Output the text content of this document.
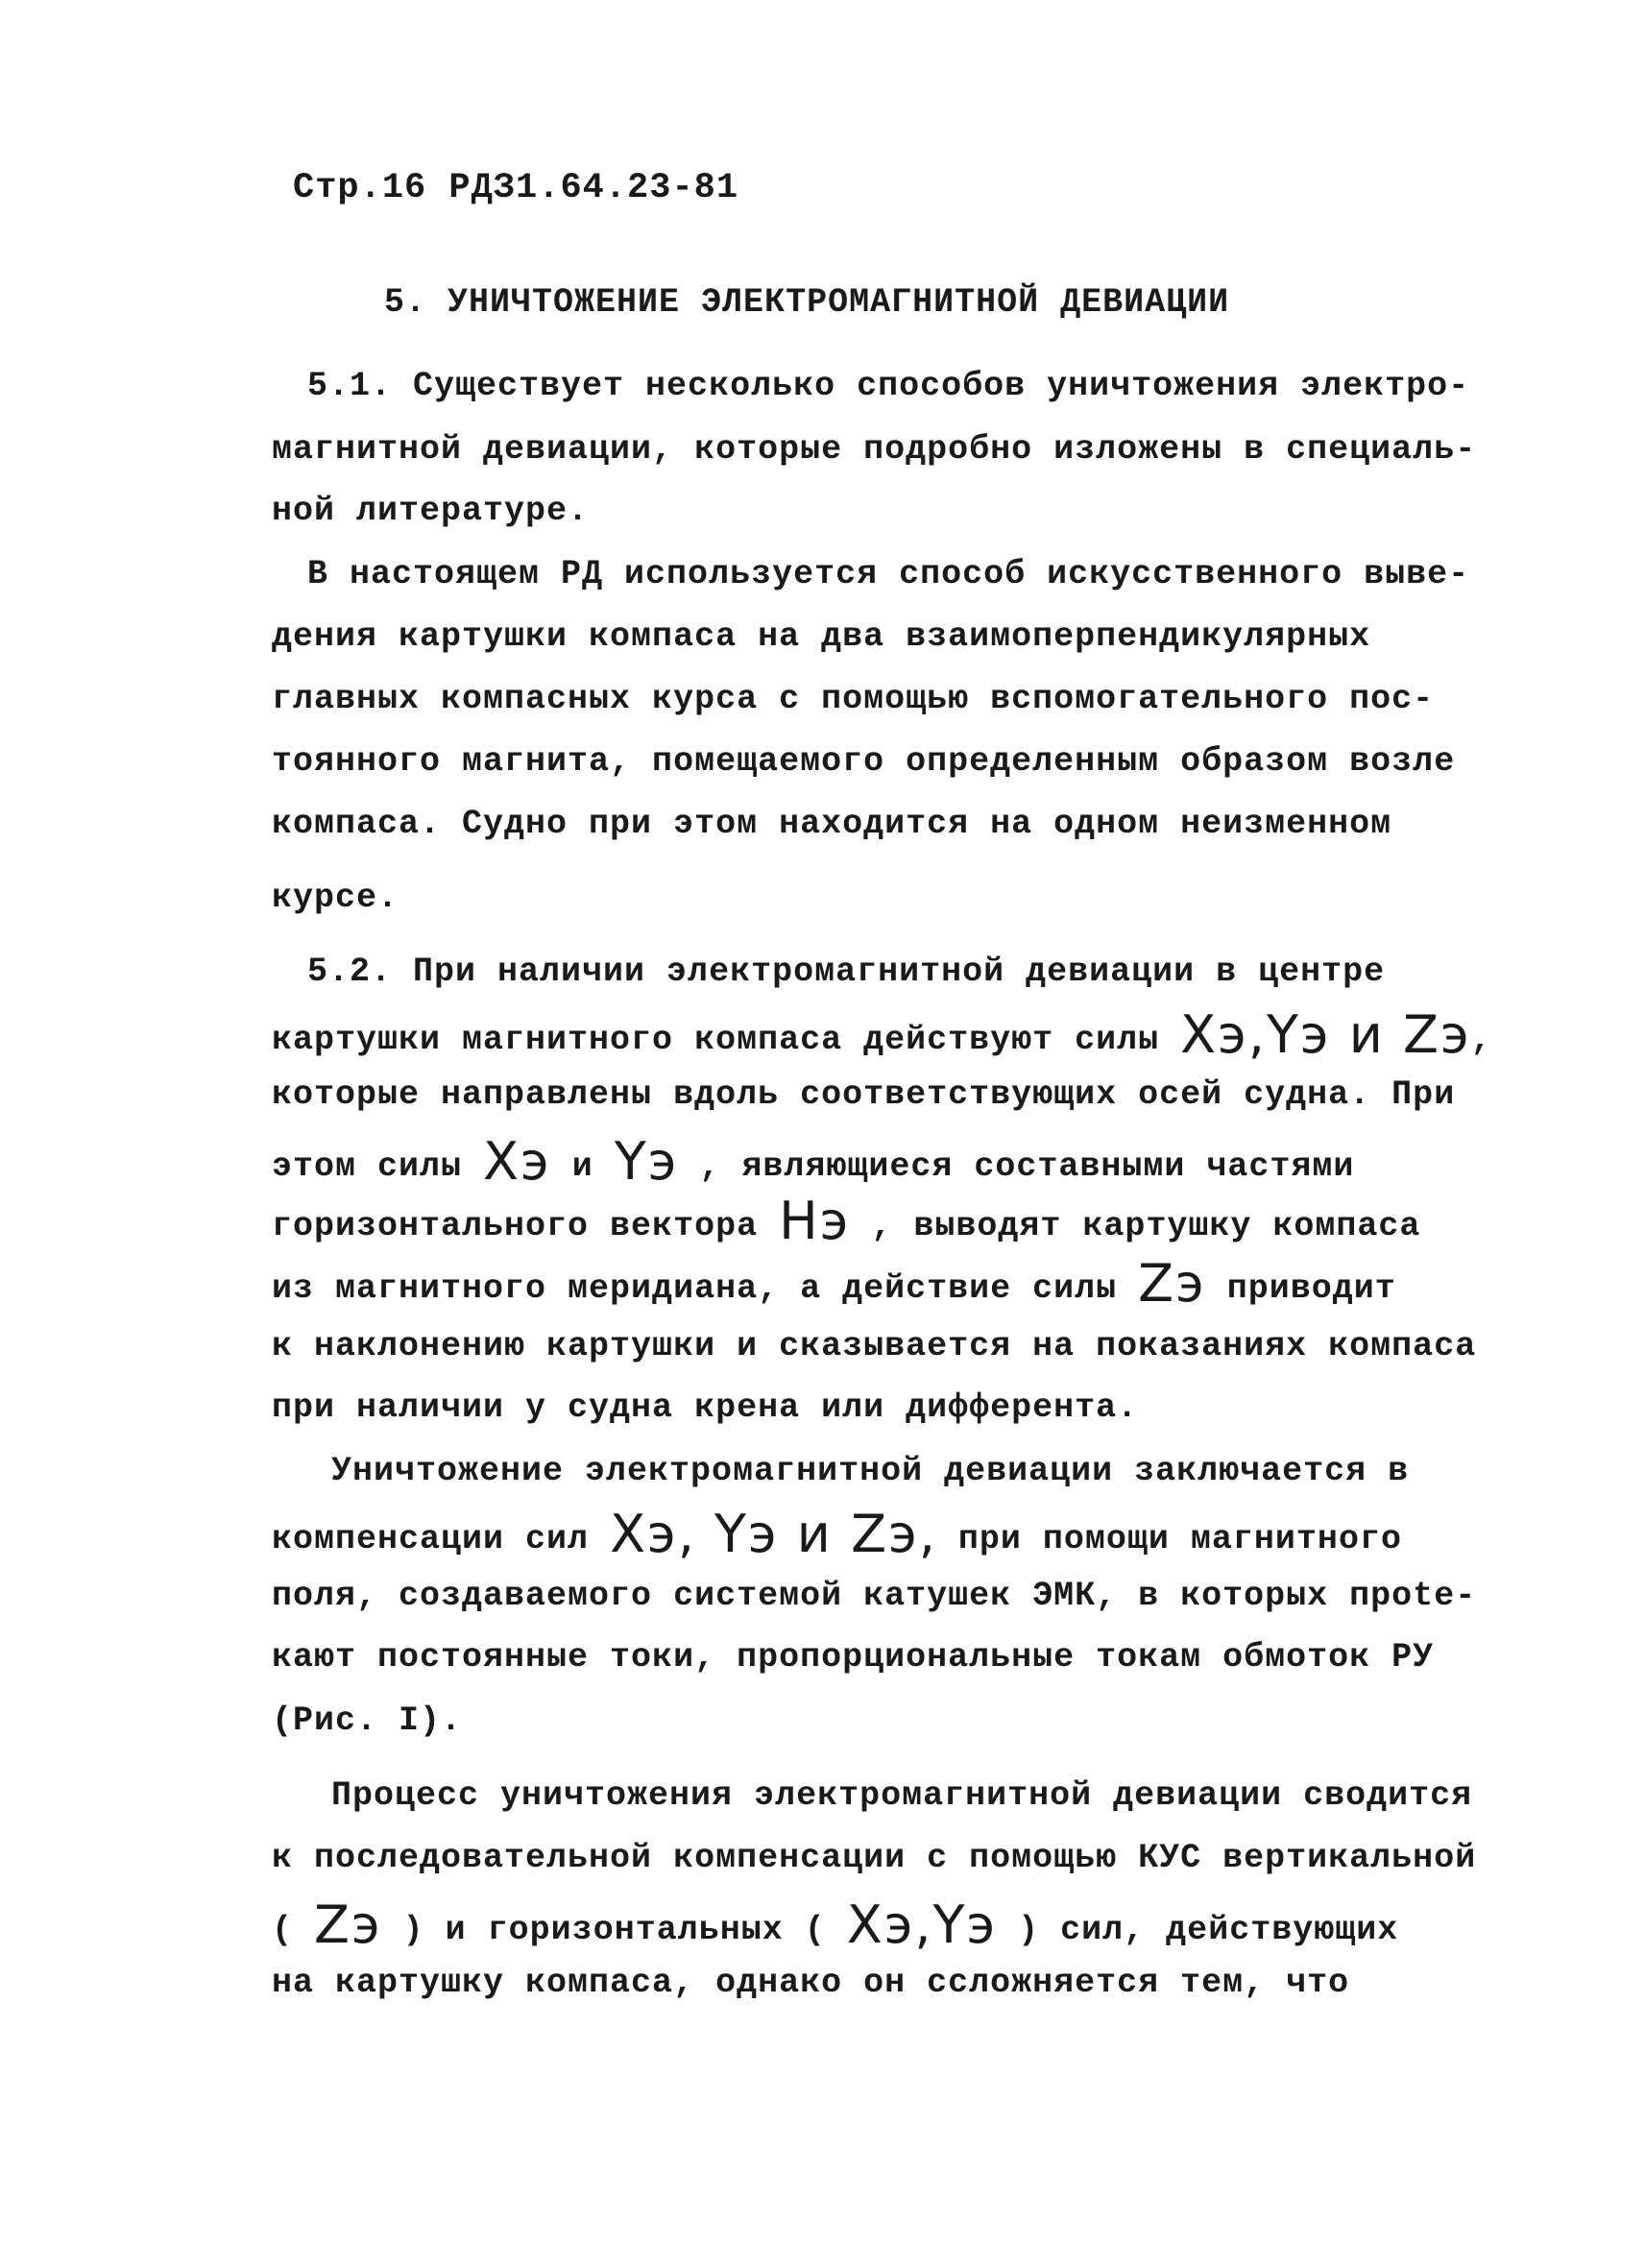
Стр.16 РДЗ1.64.23-81
5. УНИЧТОЖЕНИЕ ЭЛЕКТРОМАГНИТНОЙ ДЕВИАЦИИ
5.1. Существует несколько способов уничтожения электро-
магнитной девиации, которые подробно изложены в специаль-
ной литературе.
В настоящем РД используется способ искусственного выве-
дения картушки компаса на два взаимоперпендикулярных
главных компасных курса с помощью вспомогательного пос-
тоянного магнита, помещаемого определенным образом возле
компаса. Судно при этом находится на одном неизменном
курсе.
5.2. При наличии электромагнитной девиации в центре
картушки магнитного компаса действуют силы Xэ,Yэ и Zэ,
которые направлены вдоль соответствующих осей судна. При
этом силы Xэ и Yэ , являющиеся составными частями
горизонтального вектора Hэ , выводят картушку компаса
из магнитного меридиана, а действие силы Zэ приводит
к наклонению картушки и сказывается на показаниях компаса
при наличии у судна крена или дифферента.
Уничтожение электромагнитной девиации заключается в
компенсации сил Xэ, Yэ и Zэ, при помощи магнитного
поля, создаваемого системой катушек ЭМК, в которых прote-
кают постоянные токи, пропорциональные токам обмоток РУ
(Рис. I).
Процесс уничтожения электромагнитной девиации сводится
к последовательной компенсации с помощью КУС вертикальной
( Zэ ) и горизонтальных ( Xэ,Yэ ) сил, действующих
на картушку компаса, однако он ссложняется тем, что
